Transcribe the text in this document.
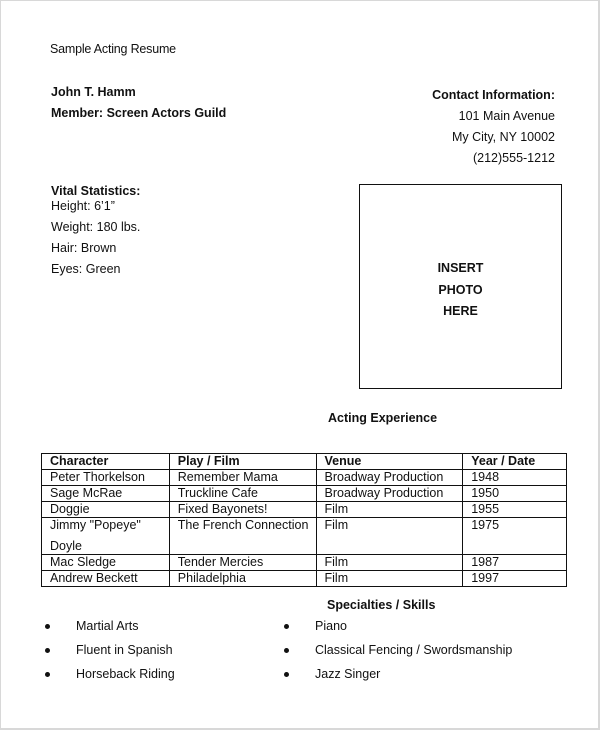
Sample Acting Resume
John T. Hamm
Member: Screen Actors Guild
Contact Information:
101 Main Avenue
My City, NY 10002
(212)555-1212
Vital Statistics:
Height: 6’1”
Weight: 180 lbs.
Hair: Brown
Eyes: Green	INSERT
PHOTO
HERE
Acting Experience
Character	Play / Film	Venue	Year / Date
Peter Thorkelson	Remember Mama	Broadway Production	1948
Sage McRae	Truckline Cafe	Broadway Production	1950
Doggie	Fixed Bayonets!	Film	1955

Jimmy "Popeye"
Doyle	The French Connection	Film	1975
Mac Sledge	Tender Mercies	Film	1987
Andrew Beckett	Philadelphia	Film	1997
Specialties / Skills
Martial Arts
Fluent in Spanish
Horseback Riding
Piano
Classical Fencing / Swordsmanship
Jazz Singer
